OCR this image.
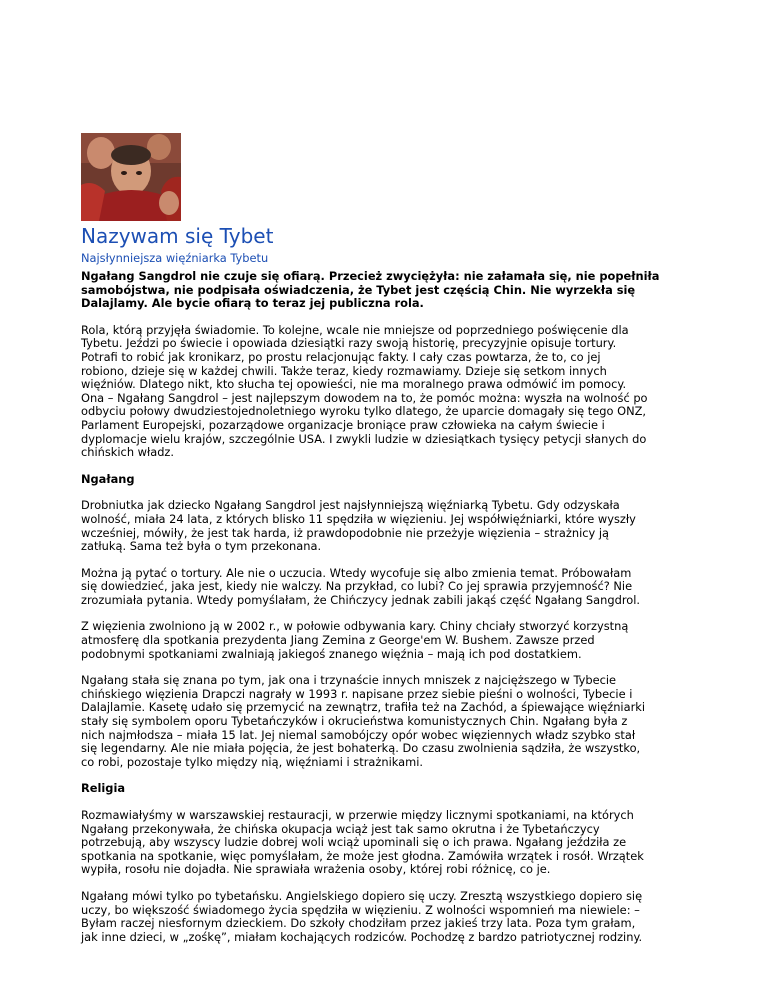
Nazywam się Tybet
Najsłynniejsza więźniarka Tybetu

Ngałang Sangdrol nie czuje się ofiarą. Przecież zwyciężyła: nie załamała się, nie popełniła
samobójstwa, nie podpisała oświadczenia, że Tybet jest częścią Chin. Nie wyrzekła się
Dalajlamy. Ale bycie ofiarą to teraz jej publiczna rola.

Rola, którą przyjęła świadomie. To kolejne, wcale nie mniejsze od poprzedniego poświęcenie dla
Tybetu. Jeździ po świecie i opowiada dziesiątki razy swoją historię, precyzyjnie opisuje tortury.
Potrafi to robić jak kronikarz, po prostu relacjonując fakty. I cały czas powtarza, że to, co jej
robiono, dzieje się w każdej chwili. Także teraz, kiedy rozmawiamy. Dzieje się setkom innych
więźniów. Dlatego nikt, kto słucha tej opowieści, nie ma moralnego prawa odmówić im pomocy.
Ona – Ngałang Sangdrol – jest najlepszym dowodem na to, że pomóc można: wyszła na wolność po
odbyciu połowy dwudziestojednoletniego wyroku tylko dlatego, że uparcie domagały się tego ONZ,
Parlament Europejski, pozarządowe organizacje broniące praw człowieka na całym świecie i
dyplomacje wielu krajów, szczególnie USA. I zwykli ludzie w dziesiątkach tysięcy petycji słanych do
chińskich władz.

Ngałang

Drobniutka jak dziecko Ngałang Sangdrol jest najsłynniejszą więźniarką Tybetu. Gdy odzyskała
wolność, miała 24 lata, z których blisko 11 spędziła w więzieniu. Jej współwięźniarki, które wyszły
wcześniej, mówiły, że jest tak harda, iż prawdopodobnie nie przeżyje więzienia – strażnicy ją
zatłuką. Sama też była o tym przekonana.

Można ją pytać o tortury. Ale nie o uczucia. Wtedy wycofuje się albo zmienia temat. Próbowałam
się dowiedzieć, jaka jest, kiedy nie walczy. Na przykład, co lubi? Co jej sprawia przyjemność? Nie
zrozumiała pytania. Wtedy pomyślałam, że Chińczycy jednak zabili jakąś część Ngałang Sangdrol.

Z więzienia zwolniono ją w 2002 r., w połowie odbywania kary. Chiny chciały stworzyć korzystną
atmosferę dla spotkania prezydenta Jiang Zemina z George'em W. Bushem. Zawsze przed
podobnymi spotkaniami zwalniają jakiegoś znanego więźnia – mają ich pod dostatkiem.

Ngałang stała się znana po tym, jak ona i trzynaście innych mniszek z najcięższego w Tybecie
chińskiego więzienia Drapczi nagrały w 1993 r. napisane przez siebie pieśni o wolności, Tybecie i
Dalajlamie. Kasetę udało się przemycić na zewnątrz, trafiła też na Zachód, a śpiewające więźniarki
stały się symbolem oporu Tybetańczyków i okrucieństwa komunistycznych Chin. Ngałang była z
nich najmłodsza – miała 15 lat. Jej niemal samobójczy opór wobec więziennych władz szybko stał
się legendarny. Ale nie miała pojęcia, że jest bohaterką. Do czasu zwolnienia sądziła, że wszystko,
co robi, pozostaje tylko między nią, więźniami i strażnikami.

Religia

Rozmawiałyśmy w warszawskiej restauracji, w przerwie między licznymi spotkaniami, na których
Ngałang przekonywała, że chińska okupacja wciąż jest tak samo okrutna i że Tybetańczycy
potrzebują, aby wszyscy ludzie dobrej woli wciąż upominali się o ich prawa. Ngałang jeździła ze
spotkania na spotkanie, więc pomyślałam, że może jest głodna. Zamówiła wrzątek i rosół. Wrzątek
wypiła, rosołu nie dojadła. Nie sprawiała wrażenia osoby, której robi różnicę, co je.

Ngałang mówi tylko po tybetańsku. Angielskiego dopiero się uczy. Zresztą wszystkiego dopiero się
uczy, bo większość świadomego życia spędziła w więzieniu. Z wolności wspomnień ma niewiele: –
Byłam raczej niesfornym dzieckiem. Do szkoły chodziłam przez jakieś trzy lata. Poza tym grałam,
jak inne dzieci, w „zośkę”, miałam kochających rodziców. Pochodzę z bardzo patriotycznej rodziny.
